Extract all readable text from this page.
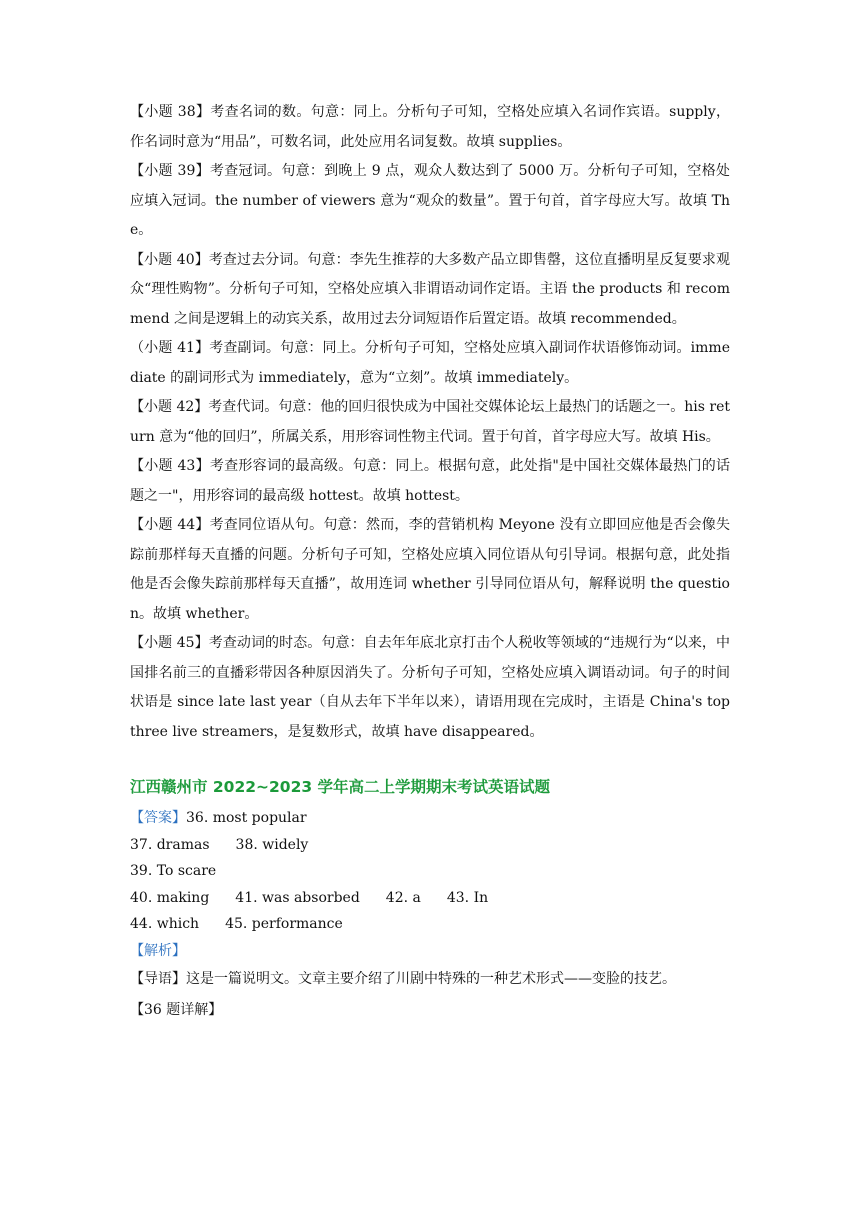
【小题 38】考查名词的数。句意：同上。分析句子可知，空格处应填入名词作宾语。supply，作名词时意为“用品”，可数名词，此处应用名词复数。故填 supplies。

【小题 39】考查冠词。句意：到晚上 9 点，观众人数达到了 5000 万。分析句子可知，空格处应填入冠词。the number of viewers 意为“观众的数量”。置于句首，首字母应大写。故填 The。

【小题 40】考查过去分词。句意：李先生推荐的大多数产品立即售罄，这位直播明星反复要求观众“理性购物”。分析句子可知，空格处应填入非谓语动词作定语。主语 the products 和 recommend 之间是逻辑上的动宾关系，故用过去分词短语作后置定语。故填 recommended。

（小题 41】考查副词。句意：同上。分析句子可知，空格处应填入副词作状语修饰动词。immediate 的副词形式为 immediately，意为“立刻”。故填 immediately。

【小题 42】考查代词。句意：他的回归很快成为中国社交媒体论坛上最热门的话题之一。his return 意为“他的回归”，所属关系，用形容词性物主代词。置于句首，首字母应大写。故填 His。

【小题 43】考查形容词的最高级。句意：同上。根据句意，此处指"是中国社交媒体最热门的话题之一"，用形容词的最高级 hottest。故填 hottest。

【小题 44】考查同位语从句。句意：然而，李的营销机构 Meyone 没有立即回应他是否会像失踪前那样每天直播的问题。分析句子可知，空格处应填入同位语从句引导词。根据句意，此处指他是否会像失踪前那样每天直播”，故用连词 whether 引导同位语从句，解释说明 the question。故填 whether。

【小题 45】考查动词的时态。句意：自去年年底北京打击个人税收等领域的“违规行为“以来，中国排名前三的直播彩带因各种原因消失了。分析句子可知，空格处应填入调语动词。句子的时间状语是 since late last year（自从去年下半年以来），请语用现在完成时，主语是 China's top three live streamers，是复数形式，故填 have disappeared。

江西赣州市 2022~2023 学年高二上学期期末考试英语试题

【答案】36. most popular

37. dramas 38. widely

39. To scare

40. making 41. was absorbed 42. a 43. In

44. which 45. performance

【解析】

【导语】这是一篇说明文。文章主要介绍了川剧中特殊的一种艺术形式——变脸的技艺。

【36 题详解】
